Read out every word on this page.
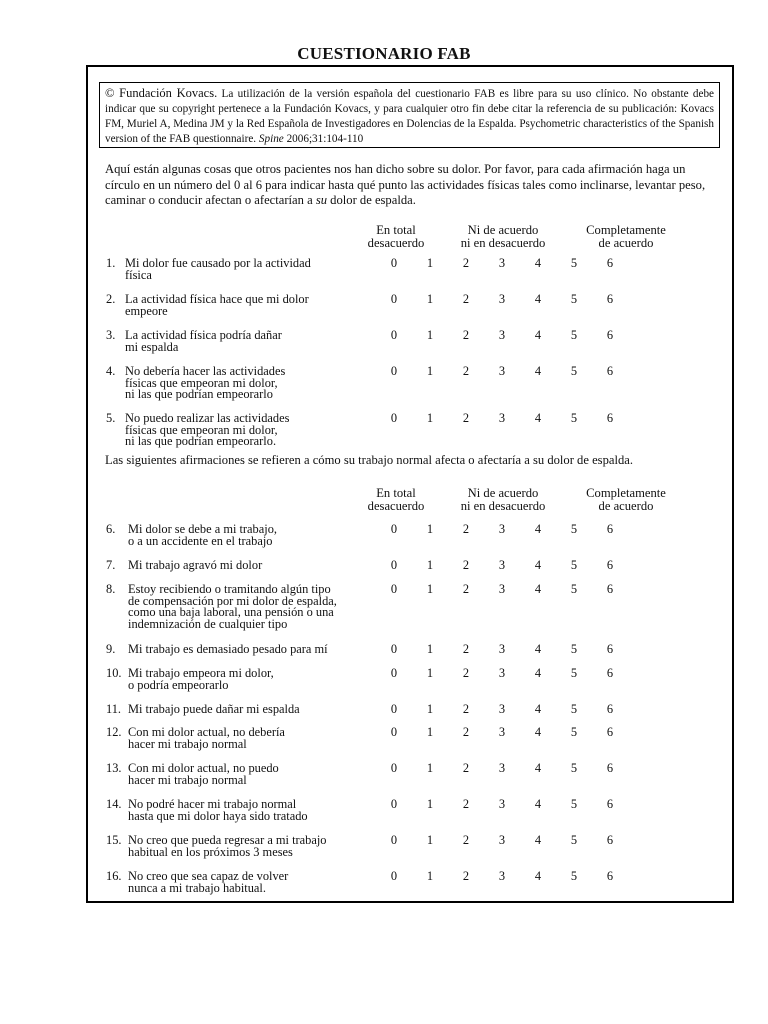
CUESTIONARIO FAB
© Fundación Kovacs. La utilización de la versión española del cuestionario FAB es libre para su uso clínico. No obstante debe indicar que su copyright pertenece a la Fundación Kovacs, y para cualquier otro fin debe citar la referencia de su publicación: Kovacs FM, Muriel A, Medina JM y la Red Española de Investigadores en Dolencias de la Espalda. Psychometric characteristics of the Spanish version of the FAB questionnaire. Spine 2006;31:104-110
Aquí están algunas cosas que otros pacientes nos han dicho sobre su dolor. Por favor, para cada afirmación haga un círculo en un número del 0 al 6 para indicar hasta qué punto las actividades físicas tales como inclinarse, levantar peso, caminar o conducir afectan o afectarían a su dolor de espalda.
En total
desacuerdo
Ni de acuerdo
ni en desacuerdo
Completamente
de acuerdo
1. Mi dolor fue causado por la actividad
física
0	1	2	3	4	5	6
2. La actividad física hace que mi dolor
empeore
0	1	2	3	4	5	6
3. La actividad física podría dañar
mi espalda
0	1	2	3	4	5	6
4. No debería hacer las actividades
físicas que empeoran mi dolor,
ni las que podrían empeorarlo
0	1	2	3	4	5	6
5. No puedo realizar las actividades
físicas que empeoran mi dolor,
ni las que podrían empeorarlo.
0	1	2	3	4	5	6
Las siguientes afirmaciones se refieren a cómo su trabajo normal afecta o afectaría a su dolor de espalda.
En total
desacuerdo
Ni de acuerdo
ni en desacuerdo
Completamente
de acuerdo
6. Mi dolor se debe a mi trabajo,
o a un accidente en el trabajo
0	1	2	3	4	5	6
7. Mi trabajo agravó mi dolor	0	1	2	3	4	5	6
8. Estoy recibiendo o tramitando algún tipo
de compensación por mi dolor de espalda,
como una baja laboral, una pensión o una
indemnización de cualquier tipo
0	1	2	3	4	5	6
9. Mi trabajo es demasiado pesado para mí	0	1	2	3	4	5	6
10. Mi trabajo empeora mi dolor,
o podría empeorarlo
0	1	2	3	4	5	6
11. Mi trabajo puede dañar mi espalda	0	1	2	3	4	5	6
12. Con mi dolor actual, no debería
hacer mi trabajo normal
0	1	2	3	4	5	6
13. Con mi dolor actual, no puedo
hacer mi trabajo normal
0	1	2	3	4	5	6
14. No podré hacer mi trabajo normal
hasta que mi dolor haya sido tratado
0	1	2	3	4	5	6
15. No creo que pueda regresar a mi trabajo
habitual en los próximos 3 meses
0	1	2	3	4	5	6
16. No creo que sea capaz de volver
nunca a mi trabajo habitual.
0	1	2	3	4	5	6
